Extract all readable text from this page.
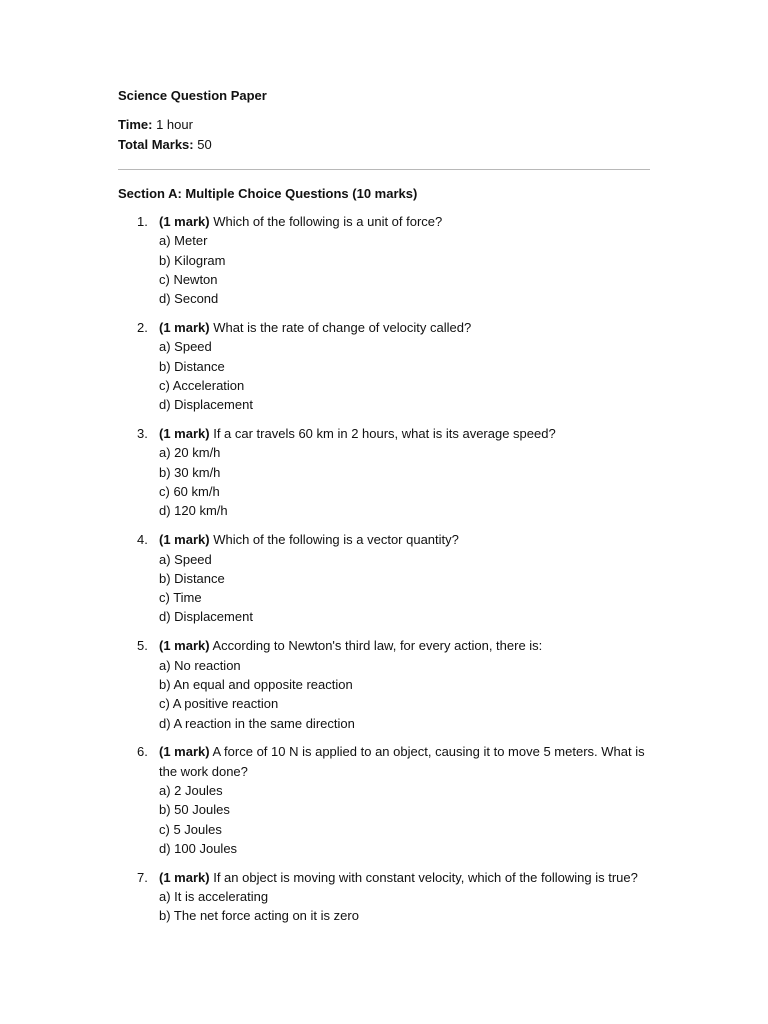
Science Question Paper
Time: 1 hour
Total Marks: 50
Section A: Multiple Choice Questions (10 marks)
1. (1 mark) Which of the following is a unit of force?
a) Meter
b) Kilogram
c) Newton
d) Second
2. (1 mark) What is the rate of change of velocity called?
a) Speed
b) Distance
c) Acceleration
d) Displacement
3. (1 mark) If a car travels 60 km in 2 hours, what is its average speed?
a) 20 km/h
b) 30 km/h
c) 60 km/h
d) 120 km/h
4. (1 mark) Which of the following is a vector quantity?
a) Speed
b) Distance
c) Time
d) Displacement
5. (1 mark) According to Newton's third law, for every action, there is:
a) No reaction
b) An equal and opposite reaction
c) A positive reaction
d) A reaction in the same direction
6. (1 mark) A force of 10 N is applied to an object, causing it to move 5 meters. What is the work done?
a) 2 Joules
b) 50 Joules
c) 5 Joules
d) 100 Joules
7. (1 mark) If an object is moving with constant velocity, which of the following is true?
a) It is accelerating
b) The net force acting on it is zero
